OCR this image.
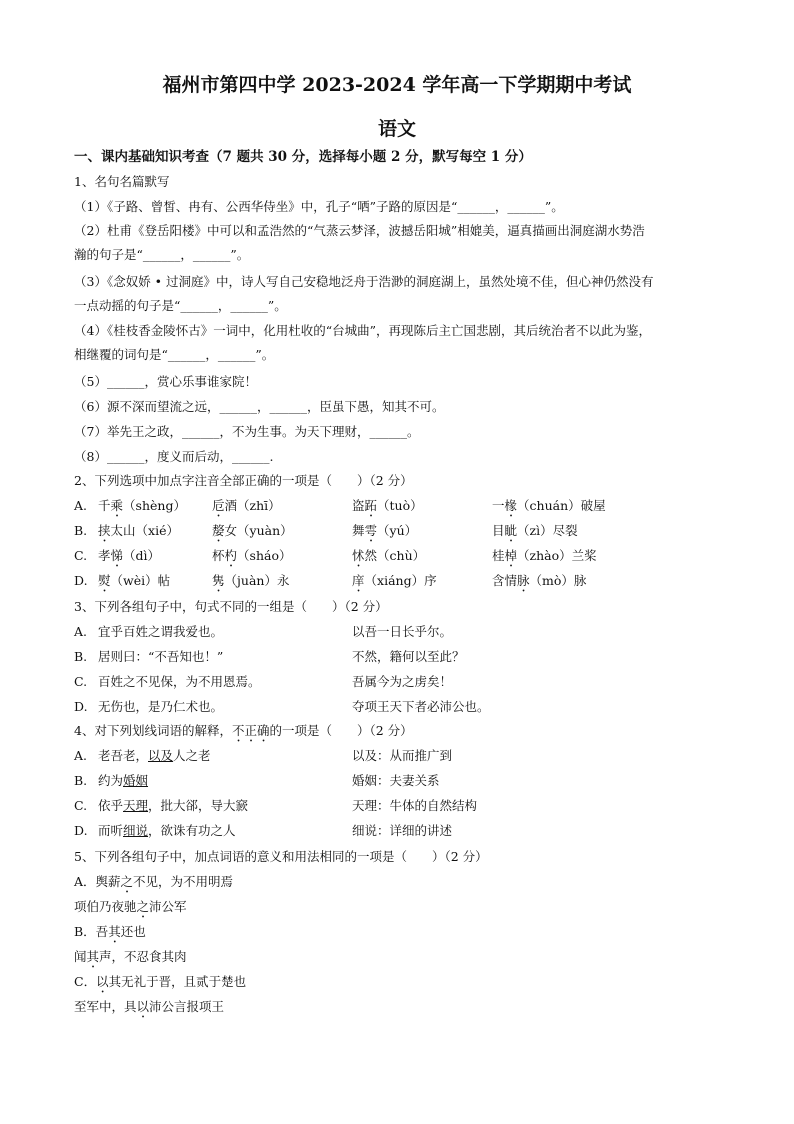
福州市第四中学 2023-2024 学年高一下学期期中考试
语文
一、课内基础知识考查（7 题共 30 分，选择每小题 2 分，默写每空 1 分）
1、名句名篇默写
（1）《子路、曾皙、冉有、公西华侍坐》中，孔子“哂”子路的原因是“______，______”。
（2）杜甫《登岳阳楼》中可以和孟浩然的“气蒸云梦泽，波撼岳阳城”相媲美，逼真描画出洞庭湖水势浩
瀚的句子是“______，______”。
（3）《念奴娇 • 过洞庭》中，诗人写自己安稳地泛舟于浩渺的洞庭湖上，虽然处境不佳，但心神仍然没有
一点动摇的句子是“______，______”。
（4）《桂枝香金陵怀古》一词中，化用杜收的“台城曲”，再现陈后主亡国悲剧，其后统治者不以此为鉴，
相继覆的词句是“______，______”。
（5）______，赏心乐事谁家院！
（6）源不深而望流之远，______，______，臣虽下愚，知其不可。
（7）举先王之政，______，不为生事。为天下理财，______。
（8）______，度义而后动，______.
2、下列选项中加点字注音全部正确的一项是（　　）（2 分）
A. 千乘（shèng） 卮酒（zhī）	盗跖（tuò）	一椽（chuán）破屋
B. 挟太山（xié）	嫠女（yuàn）	舞雩（yú）	目眦（zì）尽裂
C. 孝悌（dì）	杯杓（sháo）	怵然（chù）	桂棹（zhào）兰桨
D. 熨（wèi）帖	隽（juàn）永	庠（xiáng）序	含情脉（mò）脉
3、下列各组句子中，句式不同的一组是（　　）（2 分）
A. 宜乎百姓之谓我爱也。	以吾一日长乎尔。
B. 居则曰：“不吾知也！”	不然，籍何以至此？
C. 百姓之不见保，为不用恩焉。	吾属今为之虏矣！
D. 无伤也，是乃仁术也。	夺项王天下者必沛公也。
4、对下列划线词语的解释，不正确的一项是（　　）（2 分）
A. 老吾老，以及人之老	以及：从而推广到
B. 约为婚姻	婚姻：夫妻关系
C. 依乎天理，批大郤，导大窾	天理：牛体的自然结构
D. 而听细说，欲诛有功之人	细说：详细的讲述
5、下列各组句子中，加点词语的意义和用法相同的一项是（　　）（2 分）
A．舆薪之不见，为不用明焉
项伯乃夜驰之沛公军
B．吾其还也
闻其声，不忍食其肉
C．以其无礼于晋，且贰于楚也
至军中，具以沛公言报项王
